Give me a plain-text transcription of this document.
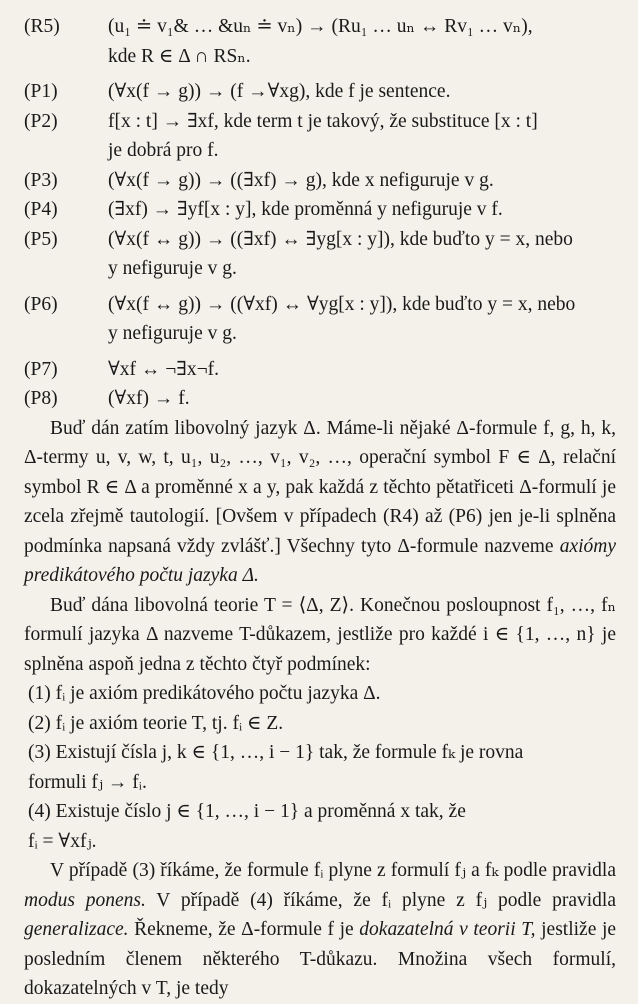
(R5)	(u₁ ≐ v₁& … &uₙ ≐ vₙ) → (Ru₁ … uₙ ↔ Rv₁ … vₙ),
kde R ∈ Δ ∩ RSₙ.
(P1)	(∀x(f → g)) → (f →∀xg), kde f je sentence.
(P2)	f[x : t] → ∃xf, kde term t je takový, že substituce [x : t]
je dobrá pro f.
(P3)	(∀x(f → g)) → ((∃xf) → g), kde x nefiguruje v g.
(P4)	(∃xf) → ∃yf[x : y], kde proměnná y nefiguruje v f.
(P5)	(∀x(f ↔ g)) → ((∃xf) ↔ ∃yg[x : y]), kde buďto y = x, nebo
y nefiguruje v g.
(P6)	(∀x(f ↔ g)) → ((∀xf) ↔ ∀yg[x : y]), kde buďto y = x, nebo
y nefiguruje v g.
(P7)	∀xf ↔ ¬∃x¬f.
(P8)	(∀xf) → f.

Buď dán zatím libovolný jazyk Δ. Máme-li nějaké Δ-formule f, g, h, k, Δ-termy u, v, w, t, u₁, u₂, …, v₁, v₂, …, operační symbol F ∈ Δ, relační symbol R ∈ Δ a proměnné x a y, pak každá z těchto pětatřiceti Δ-formulí je zcela zřejmě tautologií. [Ovšem v případech (R4) až (P6) jen je-li splněna podmínka napsaná vždy zvlášť.] Všechny tyto Δ-formule nazveme axiómy predikátového počtu jazyka Δ.

Buď dána libovolná teorie T = ⟨Δ, Z⟩. Konečnou posloupnost f₁, …, fₙ formulí jazyka Δ nazveme T-důkazem, jestliže pro každé i ∈ {1, …, n} je splněna aspoň jedna z těchto čtyř podmínek:

(1) fᵢ je axióm predikátového počtu jazyka Δ.
(2) fᵢ je axióm teorie T, tj. fᵢ ∈ Z.
(3) Existují čísla j, k ∈ {1, …, i − 1} tak, že formule fₖ je rovna
formuli fⱼ → fᵢ.
(4) Existuje číslo j ∈ {1, …, i − 1} a proměnná x tak, že
fᵢ = ∀xfⱼ.

V případě (3) říkáme, že formule fᵢ plyne z formulí fⱼ a fₖ podle pravidla modus ponens. V případě (4) říkáme, že fᵢ plyne z fⱼ podle pravidla generalizace. Řekneme, že Δ-formule f je dokazatelná v teorii T, jestliže je posledním členem některého T-důkazu. Množina všech formulí, dokazatelných v T, je tedy
